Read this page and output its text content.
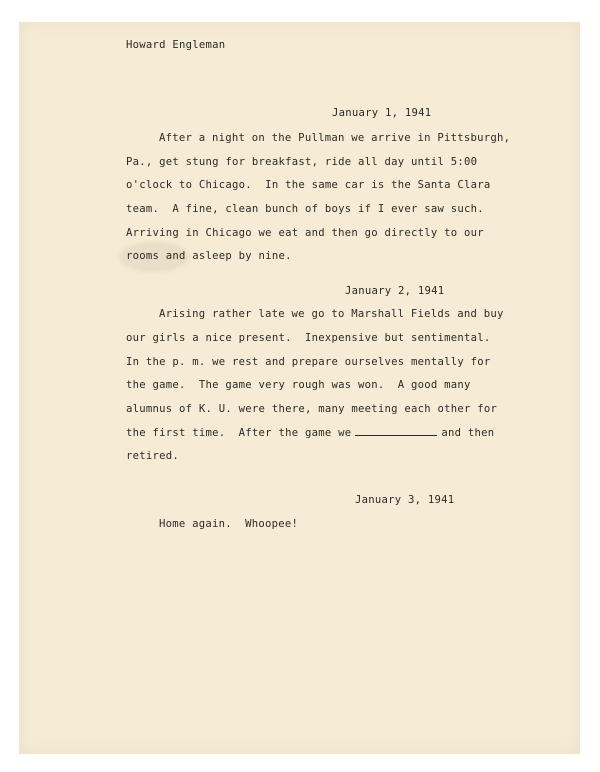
Howard Engleman
January 1, 1941
After a night on the Pullman we arrive in Pittsburgh,
Pa., get stung for breakfast, ride all day until 5:00
o'clock to Chicago.  In the same car is the Santa Clara
team.  A fine, clean bunch of boys if I ever saw such.
Arriving in Chicago we eat and then go directly to our
rooms and asleep by nine.
January 2, 1941
Arising rather late we go to Marshall Fields and buy
our girls a nice present.  Inexpensive but sentimental.
In the p. m. we rest and prepare ourselves mentally for
the game.  The game very rough was won.  A good many
alumnus of K. U. were there, many meeting each other for
the first time.  After the game we	and then
retired.
January 3, 1941
Home again.  Whoopee!
